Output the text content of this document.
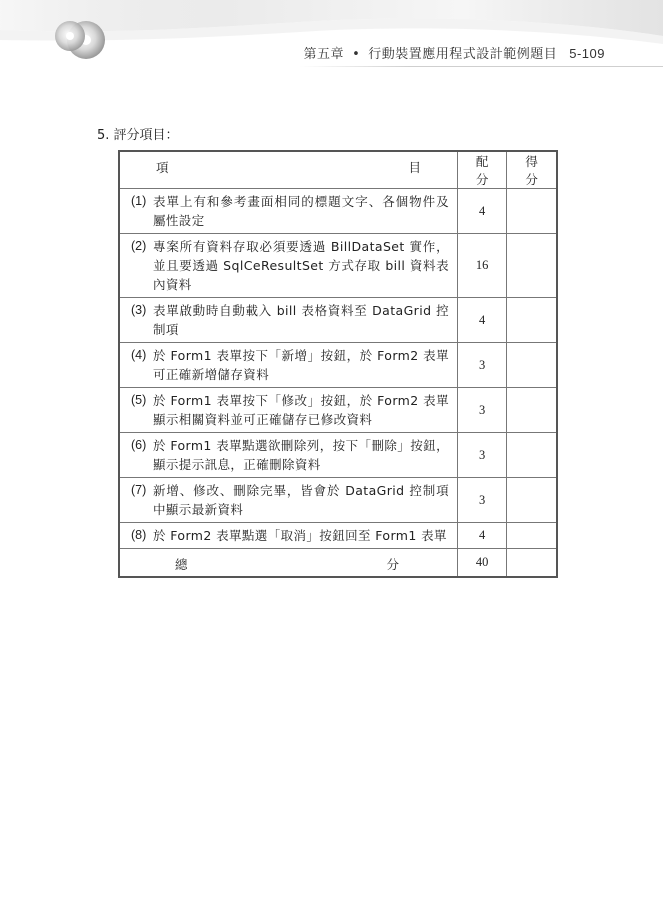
第五章 • 行動裝置應用程式設計範例題目 5-109
5. 評分項目：
項 目	配分	得分

(1) 表單上有和參考畫面相同的標題文字、各個物件及屬性設定	4	

(2) 專案所有資料存取必須要透過 BillDataSet 實作，並且要透過 SqlCeResultSet 方式存取 bill 資料表內資料	16	

(3) 表單啟動時自動載入 bill 表格資料至 DataGrid 控制項	4	

(4) 於 Form1 表單按下「新增」按鈕，於 Form2 表單可正確新增儲存資料	3	

(5) 於 Form1 表單按下「修改」按鈕，於 Form2 表單顯示相關資料並可正確儲存已修改資料	3	

(6) 於 Form1 表單點選欲刪除列，按下「刪除」按鈕，顯示提示訊息，正確刪除資料	3	

(7) 新增、修改、刪除完畢，皆會於 DataGrid 控制項中顯示最新資料	3	

(8) 於 Form2 表單點選「取消」按鈕回至 Form1 表單	4	

總 分	40	
